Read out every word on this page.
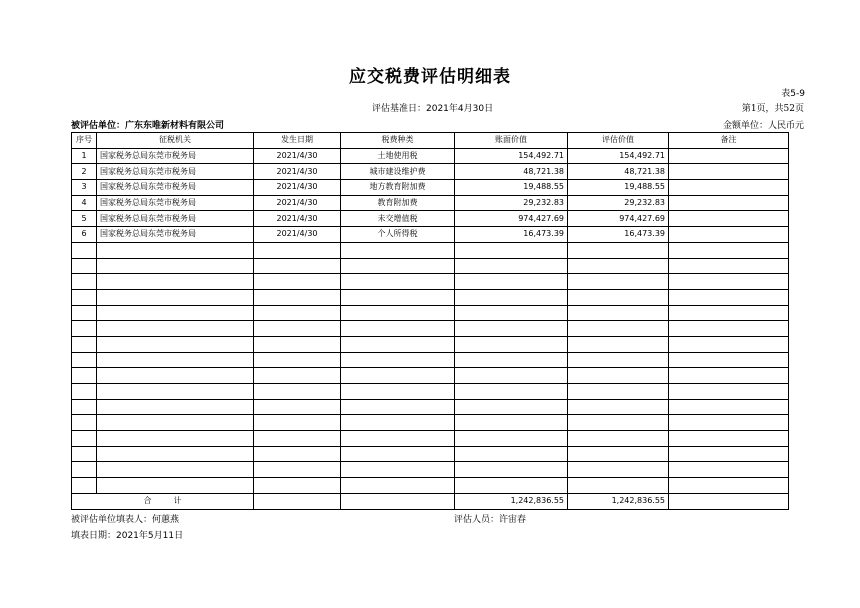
应交税费评估明细表
表5-9
评估基准日：2021年4月30日	第1页，共52页
被评估单位：广东东唯新材料有限公司	金额单位：人民币元
序号	征税机关	发生日期	税费种类	账面价值	评估价值	备注
1	国家税务总局东莞市税务局	2021/4/30	土地使用税	154,492.71	154,492.71	
2	国家税务总局东莞市税务局	2021/4/30	城市建设维护费	48,721.38	48,721.38	
3	国家税务总局东莞市税务局	2021/4/30	地方教育附加费	19,488.55	19,488.55	
4	国家税务总局东莞市税务局	2021/4/30	教育附加费	29,232.83	29,232.83	
5	国家税务总局东莞市税务局	2021/4/30	未交增值税	974,427.69	974,427.69	
6	国家税务总局东莞市税务局	2021/4/30	个人所得税	16,473.39	16,473.39	

合计				1,242,836.55	1,242,836.55	
被评估单位填表人：何蕙燕	评估人员：许宙春
填表日期：2021年5月11日
